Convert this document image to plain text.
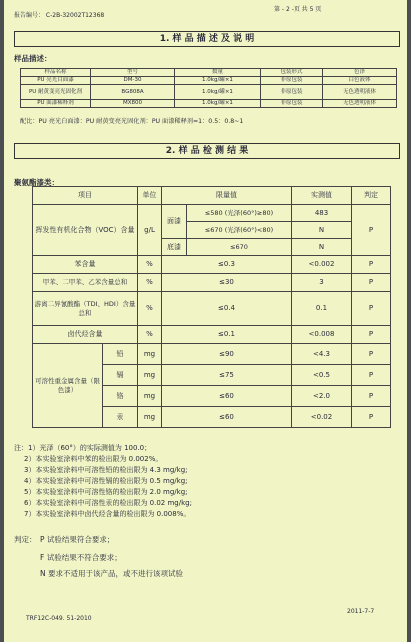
报告编号： C-2B-32002T12368
第 - 2 -页 共 5 页
1. 样 品 描 述 及 说 明
样品描述：
样品名称	型号	数量	包装形式	色泽
PU 亮光白面漆	DM-30	1.0kg/罐×1	非原包装	白色液体
PU 耐黄变亮光固化剂	BG808A	1.0kg/罐×1	非原包装	无色透明液体
PU 面漆稀释剂	MX800	1.0kg/罐×1	非原包装	无色透明液体
配比：PU 亮光白面漆：PU 耐黄变亮光固化剂：PU 面漆稀释剂=1：0.5：0.8~1
2. 样 品 检 测 结 果
聚氨酯漆类：
项目		单位	限量值		实测值	判定
挥发性有机化合物（VOC）含量		g/L	面漆	≤580 (光泽(60°)≥80)	483	P
				≤670 (光泽(60°)<80)	N	
			底漆	≤670	N	
苯含量		%	≤0.3		<0.002	P
甲苯、二甲苯、乙苯含量总和		%	≤30		3	P
游离二异氰酸酯（TDI、HDI）含量总和		%	≤0.4		0.1	P
卤代烃含量		%	≤0.1		<0.008	P
可溶性重金属含量（限色漆）	铅	mg	≤90		<4.3	P
	镉	mg	≤75		<0.5	P
	铬	mg	≤60		<2.0	P
	汞	mg	≤60		<0.02	P
注：1）光泽（60°）的实际测值为 100.0；
2）本实验室涂料中苯的检出限为 0.002%。
3）本实验室涂料中可溶性铅的检出限为 4.3 mg/kg;
4）本实验室涂料中可溶性镉的检出限为 0.5 mg/kg;
5）本实验室涂料中可溶性铬的检出限为 2.0 mg/kg;
6）本实验室涂料中可溶性汞的检出限为 0.02 mg/kg;
7）本实验室涂料中卤代烃含量的检出限为 0.008%。
判定： P 试验结果符合要求；
F 试验结果不符合要求；
N 要求不适用于该产品，或不进行该项试验
TRF12C-049. 51-2010
2011-7-7
